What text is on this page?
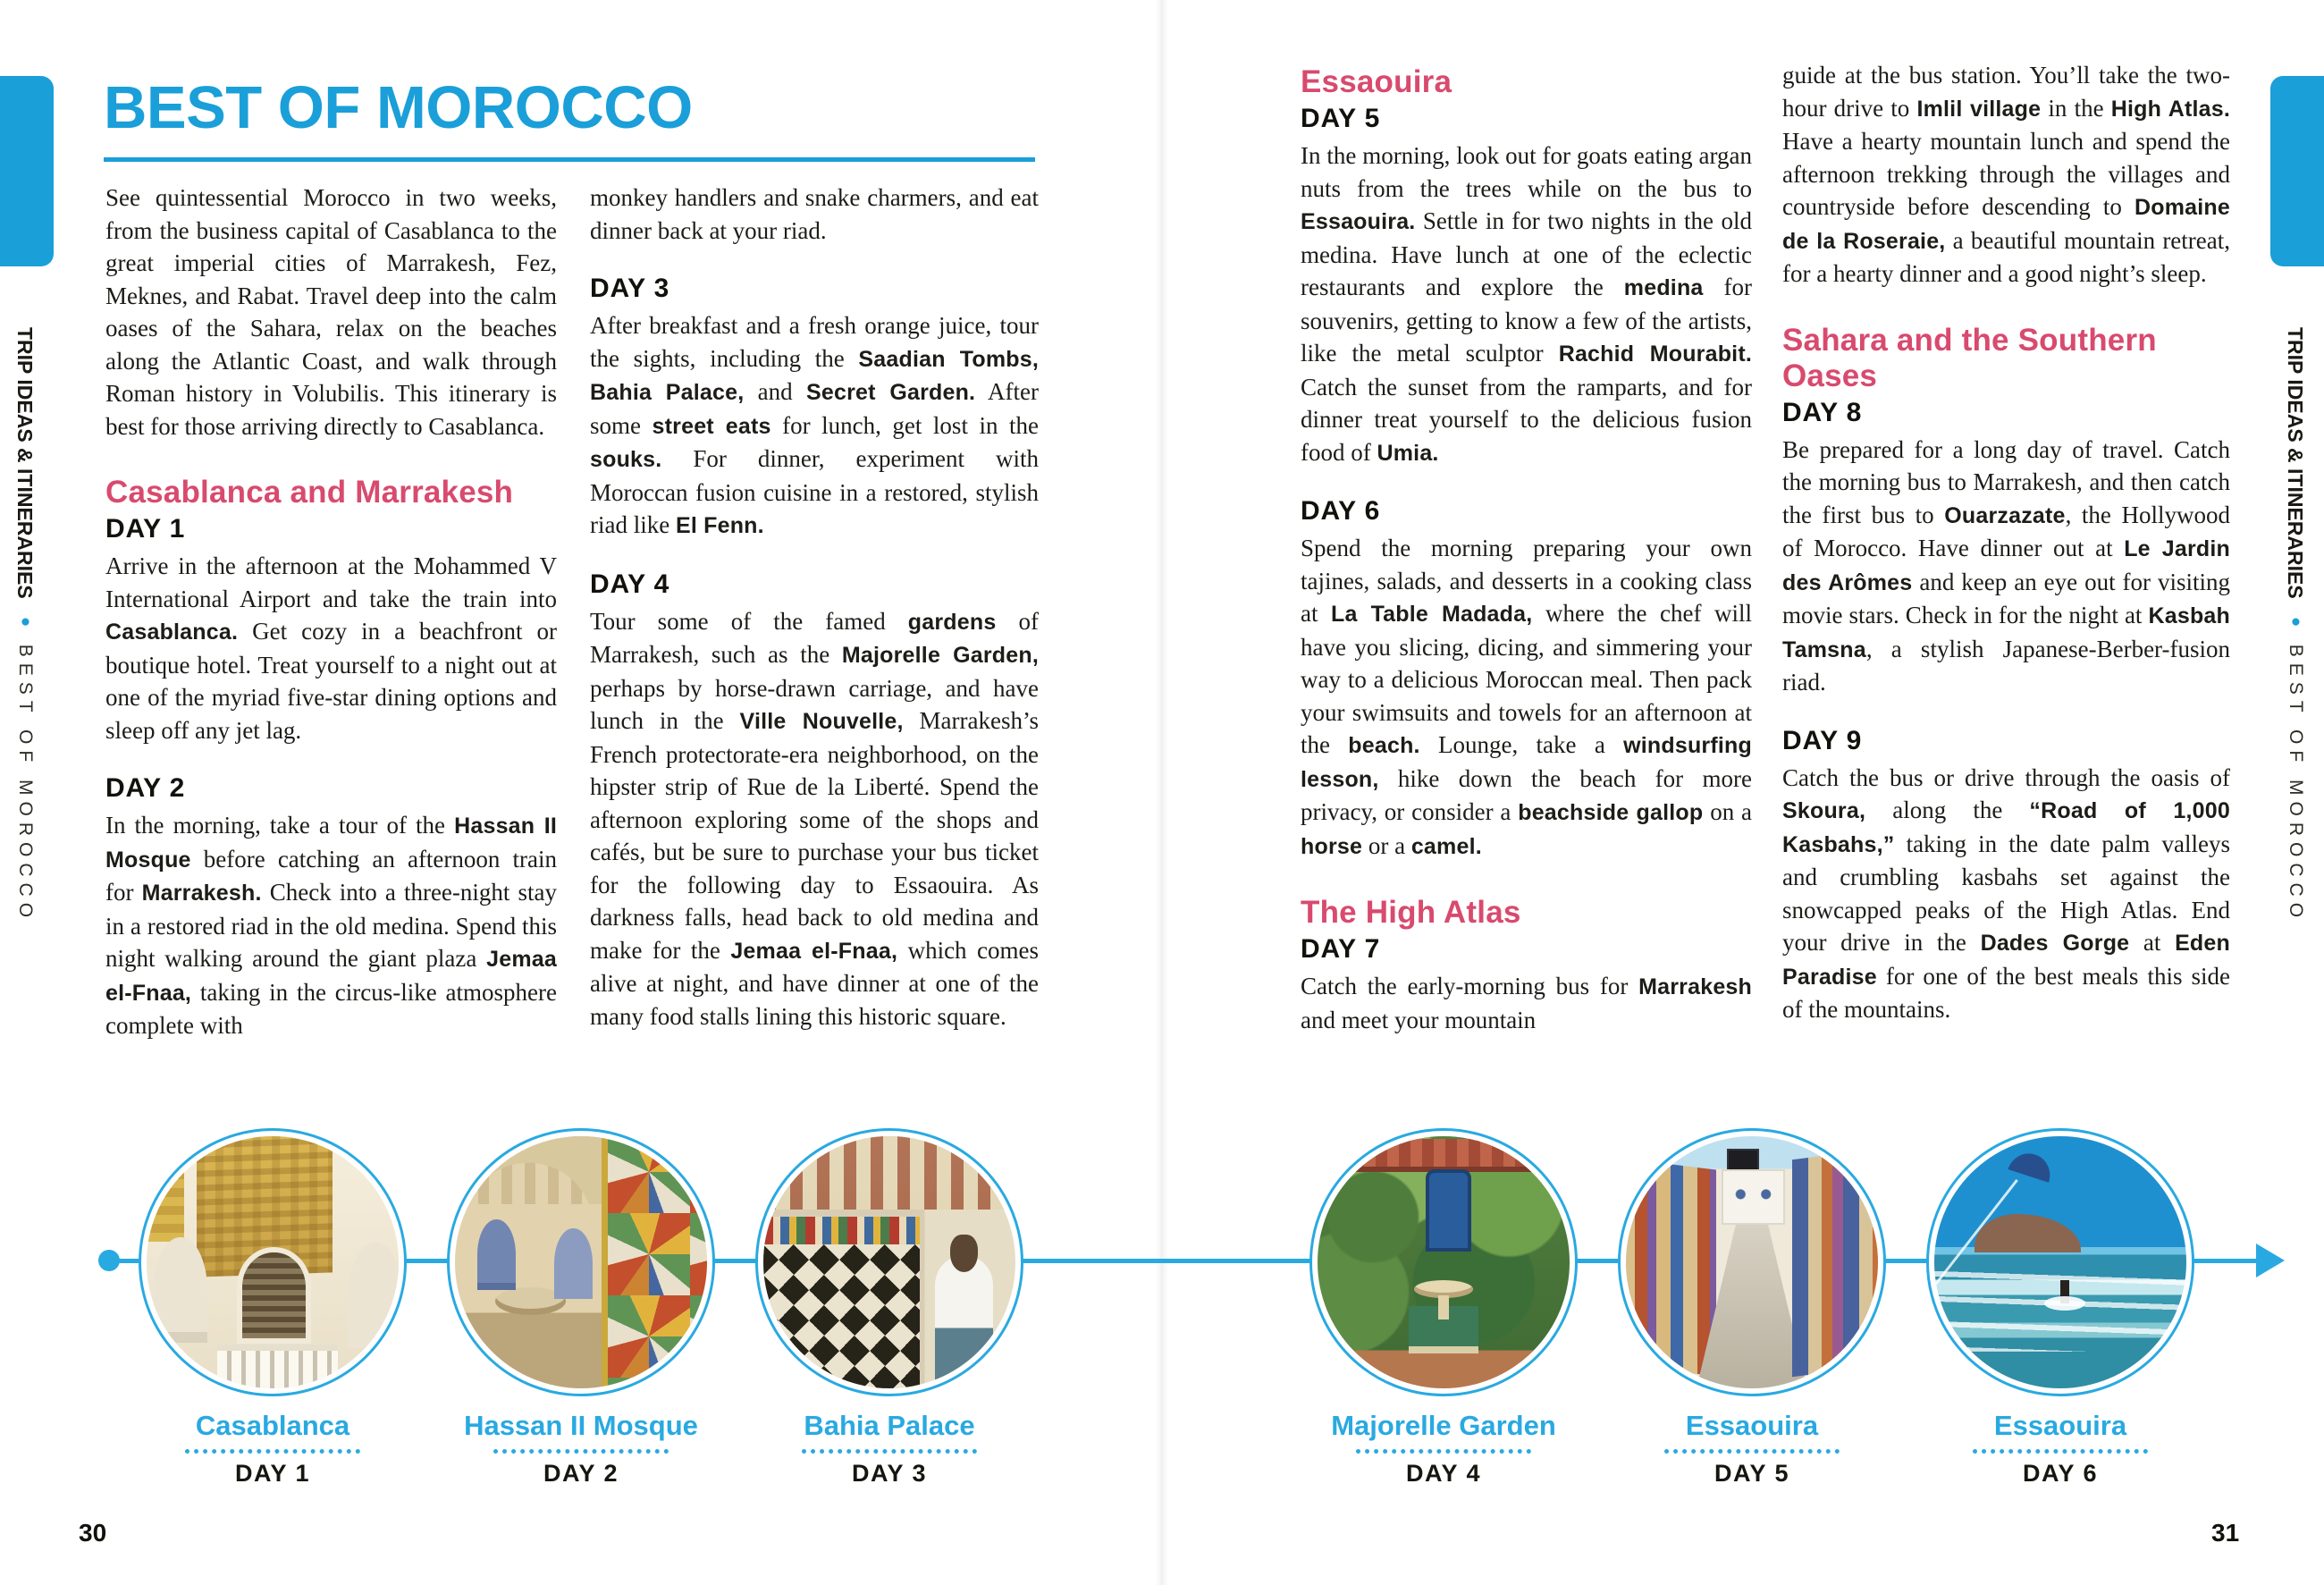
TRIP IDEAS & ITINERARIES●BEST OF MOROCCO
TRIP IDEAS & ITINERARIES●BEST OF MOROCCO
BEST OF MOROCCO

See quintessential Morocco in two weeks, from the business capital of Casablanca to the great imperial cities of Marrakesh, Fez, Meknes, and Rabat. Travel deep into the calm oases of the Sahara, relax on the beaches along the Atlantic Coast, and walk through Roman history in Volubilis. This itinerary is best for those arriving directly to Casablanca.

Casablanca and Marrakesh
DAY 1

Arrive in the afternoon at the Mohammed V International Airport and take the train into Casablanca. Get cozy in a beachfront or boutique hotel. Treat yourself to a night out at one of the myriad five-star dining options and sleep off any jet lag.

DAY 2

In the morning, take a tour of the Hassan II Mosque before catching an afternoon train for Marrakesh. Check into a three-night stay in a restored riad in the old medina. Spend this night walking around the giant plaza Jemaa el-Fnaa, taking in the circus-like atmosphere complete with

monkey handlers and snake charmers, and eat dinner back at your riad.

DAY 3

After breakfast and a fresh orange juice, tour the sights, including the Saadian Tombs, Bahia Palace, and Secret Garden. After some street eats for lunch, get lost in the souks. For dinner, experiment with Moroccan fusion cuisine in a restored, stylish riad like El Fenn.

DAY 4

Tour some of the famed gardens of Marrakesh, such as the Majorelle Garden, perhaps by horse-drawn carriage, and have lunch in the Ville Nouvelle, Marrakesh’s French protectorate-era neighborhood, on the hipster strip of Rue de la Liberté. Spend the afternoon exploring some of the shops and cafés, but be sure to purchase your bus ticket for the following day to Essaouira. As darkness falls, head back to old medina and make for the Jemaa el-Fnaa, which comes alive at night, and have dinner at one of the many food stalls lining this historic square.

30
Essaouira
DAY 5

In the morning, look out for goats eating argan nuts from the trees while on the bus to Essaouira. Settle in for two nights in the old medina. Have lunch at one of the eclectic restaurants and explore the medina for souvenirs, getting to know a few of the artists, like the metal sculptor Rachid Mourabit. Catch the sunset from the ramparts, and for dinner treat yourself to the delicious fusion food of Umia.

DAY 6

Spend the morning preparing your own tajines, salads, and desserts in a cooking class at La Table Madada, where the chef will have you slicing, dicing, and simmering your way to a delicious Moroccan meal. Then pack your swimsuits and towels for an afternoon at the beach. Lounge, take a windsurfing lesson, hike down the beach for more privacy, or consider a beachside gallop on a horse or a camel.

The High Atlas
DAY 7

Catch the early-morning bus for Marrakesh and meet your mountain

guide at the bus station. You’ll take the two-hour drive to Imlil village in the High Atlas. Have a hearty mountain lunch and spend the afternoon trekking through the villages and countryside before descending to Domaine de la Roseraie, a beautiful mountain retreat, for a hearty dinner and a good night’s sleep.

Sahara and the Southern Oases
DAY 8

Be prepared for a long day of travel. Catch the morning bus to Marrakesh, and then catch the first bus to Ouarzazate, the Hollywood of Morocco. Have dinner out at Le Jardin des Arômes and keep an eye out for visiting movie stars. Check in for the night at Kasbah Tamsna, a stylish Japanese-Berber-fusion riad.

DAY 9

Catch the bus or drive through the oasis of Skoura, along the “Road of 1,000 Kasbahs,” taking in the date palm valleys and crumbling kasbahs set against the snowcapped peaks of the High Atlas. End your drive in the Dades Gorge at Eden Paradise for one of the best meals this side of the mountains.

31
Casablanca
DAY 1
Hassan II Mosque
DAY 2
Bahia Palace
DAY 3
Majorelle Garden
DAY 4
Essaouira
DAY 5
Essaouira
DAY 6
